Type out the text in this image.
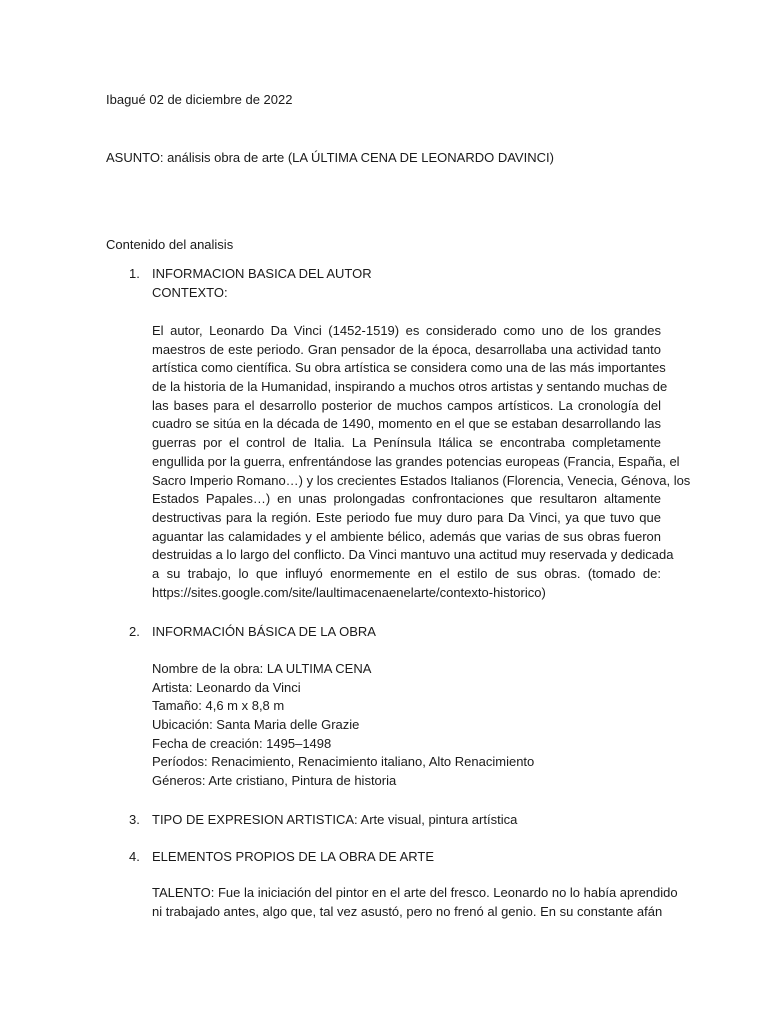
Ibagué 02 de diciembre de 2022
ASUNTO: análisis obra de arte (LA ÚLTIMA CENA DE LEONARDO DAVINCI)
Contenido del analisis
1. INFORMACION BASICA DEL AUTOR
CONTEXTO:
El autor, Leonardo Da Vinci (1452-1519) es considerado como uno de los grandes
maestros de este periodo. Gran pensador de la época, desarrollaba una actividad tanto
artística como científica. Su obra artística se considera como una de las más importantes
de la historia de la Humanidad, inspirando a muchos otros artistas y sentando muchas de
las bases para el desarrollo posterior de muchos campos artísticos. La cronología del
cuadro se sitúa en la década de 1490, momento en el que se estaban desarrollando las
guerras por el control de Italia. La Península Itálica se encontraba completamente
engullida por la guerra, enfrentándose las grandes potencias europeas (Francia, España, el
Sacro Imperio Romano…) y los crecientes Estados Italianos (Florencia, Venecia, Génova, los
Estados Papales…) en unas prolongadas confrontaciones que resultaron altamente
destructivas para la región. Este periodo fue muy duro para Da Vinci, ya que tuvo que
aguantar las calamidades y el ambiente bélico, además que varias de sus obras fueron
destruidas a lo largo del conflicto. Da Vinci mantuvo una actitud muy reservada y dedicada
a su trabajo, lo que influyó enormemente en el estilo de sus obras. (tomado de:
https://sites.google.com/site/laultimacenaenelarte/contexto-historico)
2. INFORMACIÓN BÁSICA DE LA OBRA
Nombre de la obra: LA ULTIMA CENA
Artista: Leonardo da Vinci
Tamaño: 4,6 m x 8,8 m
Ubicación: Santa Maria delle Grazie
Fecha de creación: 1495–1498
Períodos: Renacimiento, Renacimiento italiano, Alto Renacimiento
Géneros: Arte cristiano, Pintura de historia
3. TIPO DE EXPRESION ARTISTICA: Arte visual, pintura artística
4. ELEMENTOS PROPIOS DE LA OBRA DE ARTE
TALENTO: Fue la iniciación del pintor en el arte del fresco. Leonardo no lo había aprendido
ni trabajado antes, algo que, tal vez asustó, pero no frenó al genio. En su constante afán
